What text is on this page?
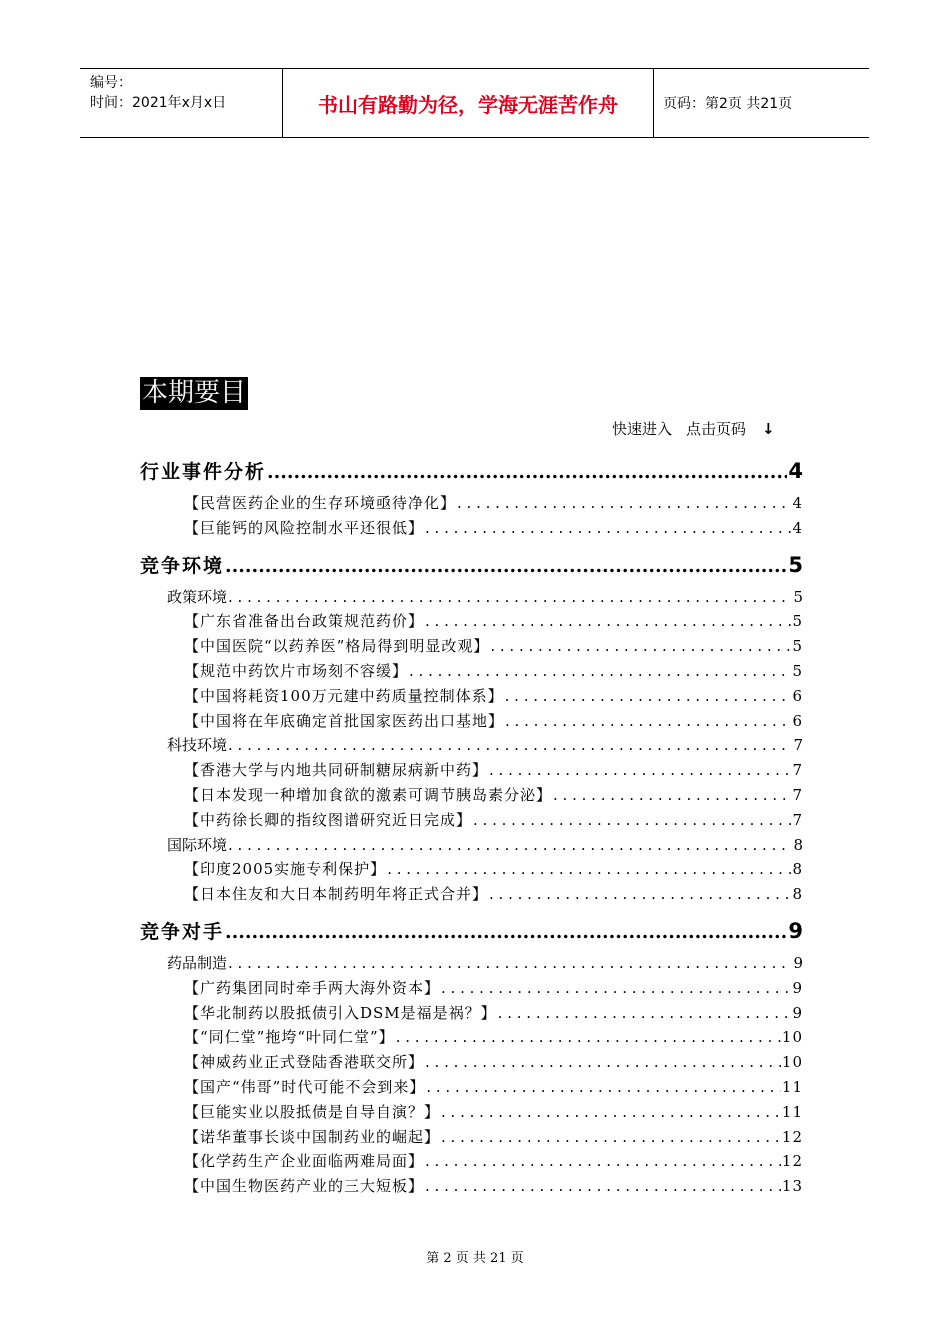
编号：
时间：2021年x月x日	书山有路勤为径，学海无涯苦作舟	页码：第2页 共21页
本期要目
快速进入 点击页码 ↓
行业事件分析 .....	4
【民营医药企业的生存环境亟待净化】 . . .	4
【巨能钙的风险控制水平还很低】 . . .	4
竞争环境 .....	5
政策环境 . . .	5
【广东省准备出台政策规范药价】 . . .	5
【中国医院“以药养医”格局得到明显改观】 . . .	5
【规范中药饮片市场刻不容缓】 . . .	5
【中国将耗资100万元建中药质量控制体系】 . . .	6
【中国将在年底确定首批国家医药出口基地】 . . .	6
科技环境 . . .	7
【香港大学与内地共同研制糖尿病新中药】 . . .	7
【日本发现一种增加食欲的激素可调节胰岛素分泌】 . . .	7
【中药徐长卿的指纹图谱研究近日完成】 . . .	7
国际环境 . . .	8
【印度2005实施专利保护】 . . .	8
【日本住友和大日本制药明年将正式合并】 . . .	8
竞争对手 .....	9
药品制造 . . .	9
【广药集团同时牵手两大海外资本】 . . .	9
【华北制药以股抵债引入DSM是福是祸？】 . . .	9
【“同仁堂”拖垮“叶同仁堂”】 . . .	10
【神威药业正式登陆香港联交所】 . . .	10
【国产“伟哥”时代可能不会到来】 . . .	11
【巨能实业以股抵债是自导自演？】 . . .	11
【诺华董事长谈中国制药业的崛起】 . . .	12
【化学药生产企业面临两难局面】 . . .	12
【中国生物医药产业的三大短板】 . . .	13
第 2 页 共 21 页
